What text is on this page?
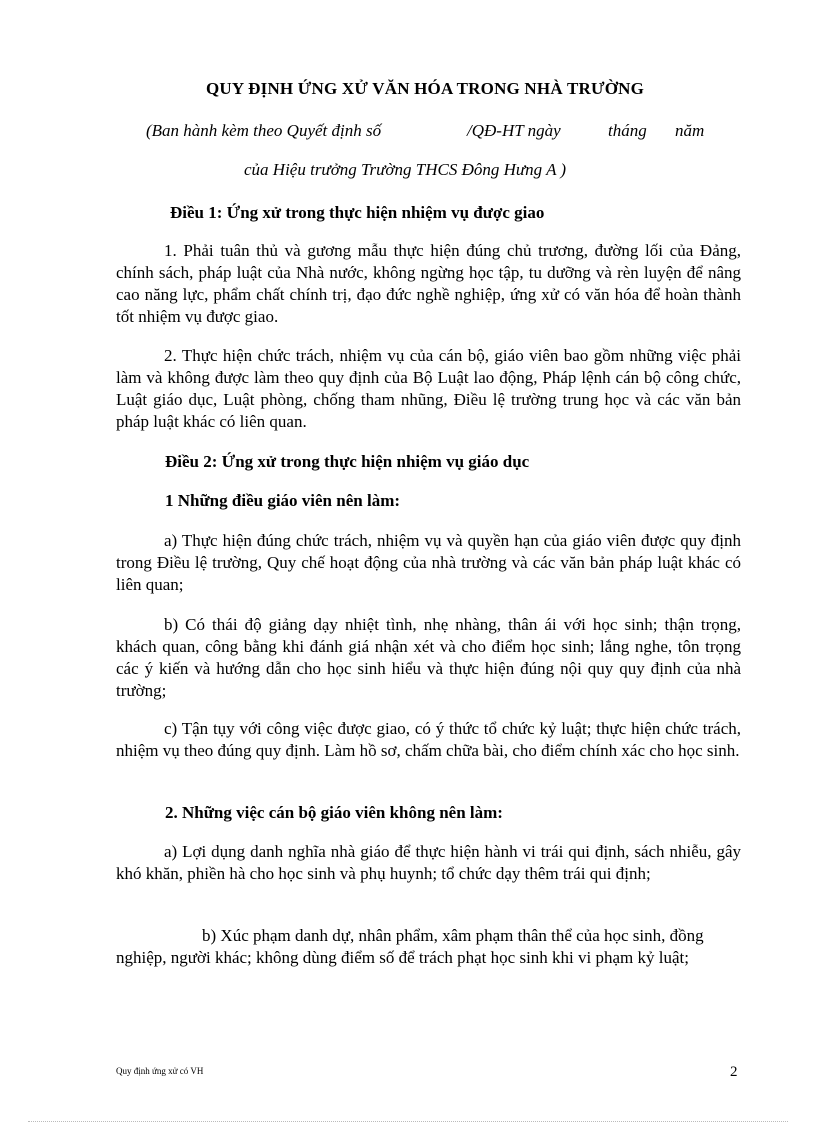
QUY ĐỊNH ỨNG XỬ VĂN HÓA TRONG NHÀ TRƯỜNG
(Ban hành kèm theo Quyết định số	/QĐ-HT ngày	tháng năm
của Hiệu trưởng Trường THCS Đông Hưng A )
Điều 1: Ứng xử trong thực hiện nhiệm vụ được giao
1. Phải tuân thủ và gương mẫu thực hiện đúng chủ trương, đường lối của Đảng, chính sách, pháp luật của Nhà nước, không ngừng học tập, tu dưỡng và rèn luyện để nâng cao năng lực, phẩm chất chính trị, đạo đức nghề nghiệp, ứng xử có văn hóa để hoàn thành tốt nhiệm vụ được giao.
2. Thực hiện chức trách, nhiệm vụ của cán bộ, giáo viên bao gồm những việc phải làm và không được làm theo quy định của Bộ Luật lao động, Pháp lệnh cán bộ công chức, Luật giáo dục, Luật phòng, chống tham nhũng, Điều lệ trường trung học và các văn bản pháp luật khác có liên quan.
Điều 2: Ứng xử trong thực hiện nhiệm vụ giáo dục
1 Những điều giáo viên nên làm:
a) Thực hiện đúng chức trách, nhiệm vụ và quyền hạn của giáo viên được quy định trong Điều lệ trường, Quy chế hoạt động của nhà trường và các văn bản pháp luật khác có liên quan;
b) Có thái độ giảng dạy nhiệt tình, nhẹ nhàng, thân ái với học sinh; thận trọng, khách quan, công bằng khi đánh giá nhận xét và cho điểm học sinh; lắng nghe, tôn trọng các ý kiến và hướng dẫn cho học sinh hiểu và thực hiện đúng nội quy quy định của nhà trường;
c) Tận tụy với công việc được giao, có ý thức tổ chức kỷ luật; thực hiện chức trách, nhiệm vụ theo đúng quy định. Làm hồ sơ, chấm chữa bài, cho điểm chính xác cho học sinh.
2. Những việc cán bộ giáo viên không nên làm:
a) Lợi dụng danh nghĩa nhà giáo để thực hiện hành vi trái qui định, sách nhiễu, gây khó khăn, phiền hà cho học sinh và phụ huynh; tổ chức dạy thêm trái qui định;
b) Xúc phạm danh dự, nhân phẩm, xâm phạm thân thể của học sinh, đồng nghiệp, người khác; không dùng điểm số để trách phạt học sinh khi vi phạm kỷ luật;
Quy định ứng xử có VH	2
